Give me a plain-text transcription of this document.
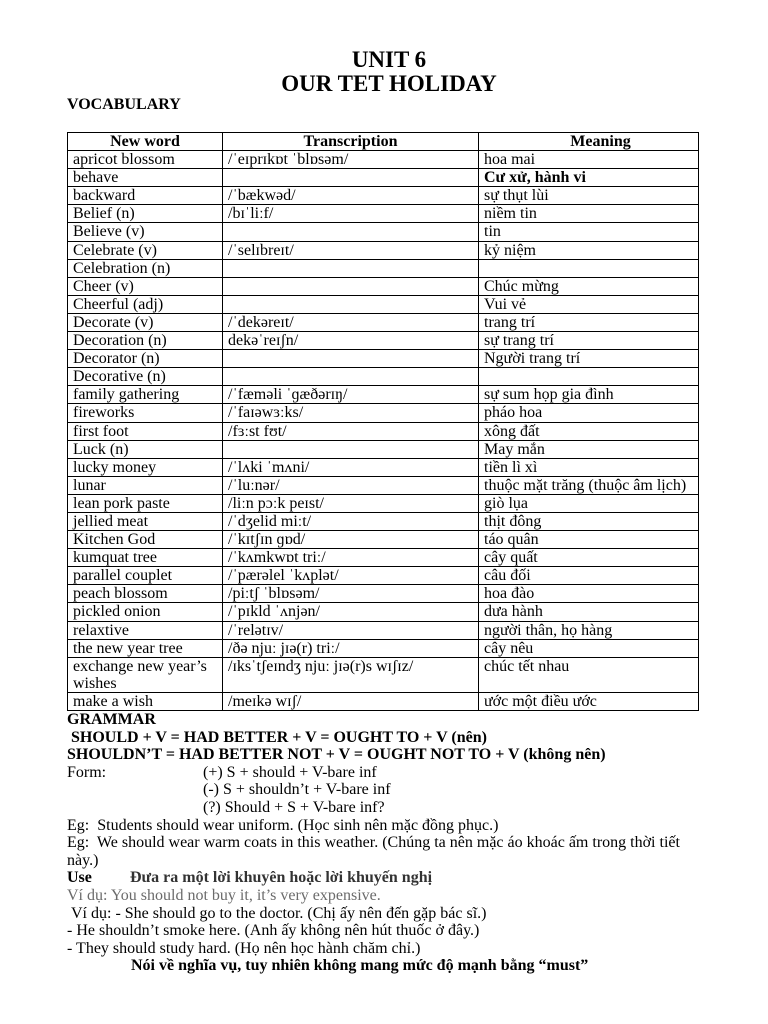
UNIT 6
OUR TET HOLIDAY
VOCABULARY
New word	Transcription	Meaning
apricot blossom	/ˈeɪprɪkɒt ˈblɒsəm/	hoa mai
behave		Cư xử, hành vi
backward	/ˈbækwəd/	sự thụt lùi
Belief (n)	/bɪˈliːf/	niềm tin
Believe (v)		tin
Celebrate (v)	/ˈselɪbreɪt/	kỷ niệm
Celebration (n)		
Cheer (v)		Chúc mừng
Cheerful (adj)		Vui vẻ
Decorate (v)	/ˈdekəreɪt/	trang trí
Decoration (n)	dekəˈreɪʃn/	sự trang trí
Decorator (n)		Người trang trí
Decorative (n)		
family gathering	/ˈfæməli ˈɡæðərɪŋ/	sự sum họp gia đình
fireworks	/ˈfaɪəwɜːks/	pháo hoa
first foot	/fɜːst fʊt/	xông đất
Luck (n)		May mắn
lucky money	/ˈlʌki ˈmʌni/	tiền lì xì
lunar	/ˈluːnər/	thuộc mặt trăng (thuộc âm lịch)
lean pork paste	/liːn pɔːk peɪst/	giò lụa
jellied meat	/ˈdʒelid miːt/	thịt đông
Kitchen God	/ˈkɪtʃɪn ɡɒd/	táo quân
kumquat tree	/ˈkʌmkwɒt triː/	cây quất
parallel couplet	/ˈpærəlel ˈkʌplət/	câu đối
peach blossom	/piːtʃ ˈblɒsəm/	hoa đào
pickled onion	/ˈpɪkld ˈʌnjən/	dưa hành
relaxtive	/ˈrelətɪv/	người thân, họ hàng
the new year tree	/ðə njuː jɪə(r) triː/	cây nêu
exchange new year’s wishes	/ɪksˈtʃeɪndʒ njuː jɪə(r)s wɪʃɪz/	chúc tết nhau
make a wish	/meɪkə wɪʃ/	ước một điều ước
GRAMMAR
SHOULD + V = HAD BETTER + V = OUGHT TO + V (nên)
SHOULDN’T = HAD BETTER NOT + V = OUGHT NOT TO + V (không nên)
Form:	(+) S + should + V-bare inf
(-) S + shouldn’t + V-bare inf
(?) Should + S + V-bare inf?
Eg:  Students should wear uniform. (Học sinh nên mặc đồng phục.)
Eg:  We should wear warm coats in this weather. (Chúng ta nên mặc áo khoác ấm trong thời tiết này.)
Use	Đưa ra một lời khuyên hoặc lời khuyến nghị
Ví dụ: You should not buy it, it’s very expensive.
Ví dụ: - She should go to the doctor. (Chị ấy nên đến gặp bác sĩ.)
- He shouldn’t smoke here. (Anh ấy không nên hút thuốc ở đây.)
- They should study hard. (Họ nên học hành chăm chỉ.)
Nói về nghĩa vụ, tuy nhiên không mang mức độ mạnh bằng “must”
